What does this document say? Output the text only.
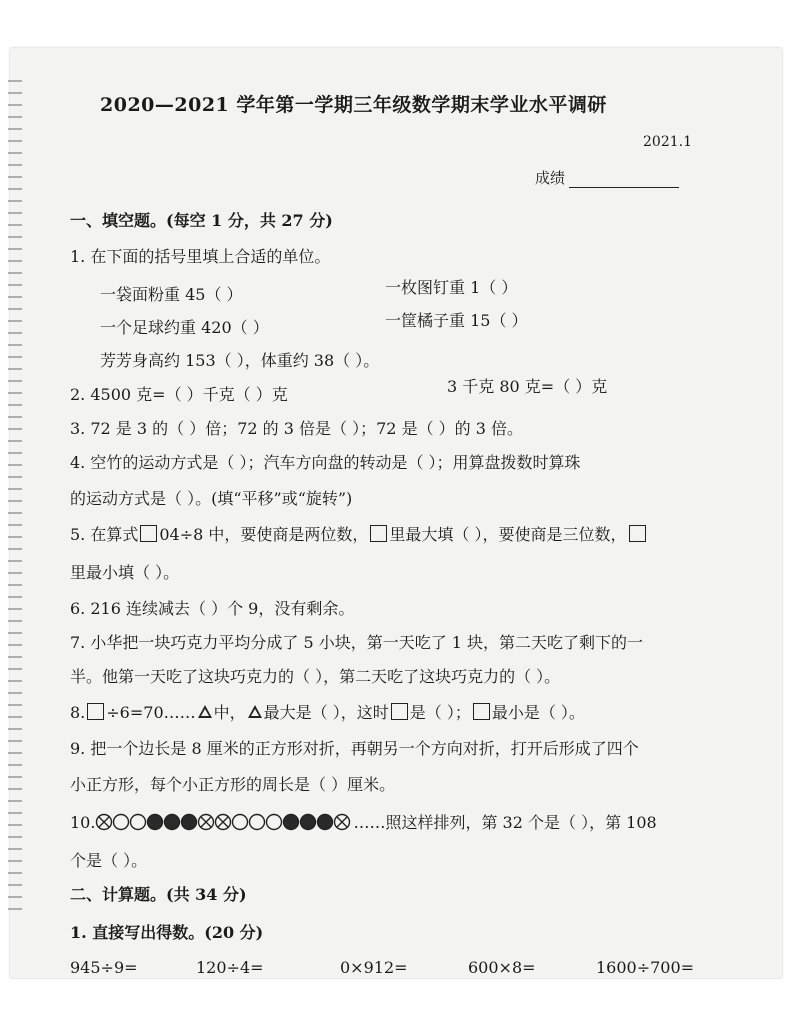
2020—2021 学年第一学期三年级数学期末学业水平调研
2021.1
成绩
一、填空题。(每空 1 分，共 27 分)
1. 在下面的括号里填上合适的单位。
一袋面粉重 45（ ）	一枚图钉重 1（ ）
一个足球约重 420（ ）	一筐橘子重 15（ ）
芳芳身高约 153（ ），体重约 38（ ）。
2. 4500 克=（ ）千克（ ）克	3 千克 80 克=（ ）克
3. 72 是 3 的（ ）倍；72 的 3 倍是（ ）；72 是（ ）的 3 倍。
4. 空竹的运动方式是（ ）；汽车方向盘的转动是（ ）；用算盘拨数时算珠
的运动方式是（ ）。(填“平移”或“旋转”)
5. 在算式 04÷8 中，要使商是两位数， 里最大填（ ），要使商是三位数，
里最小填（ ）。
6. 216 连续减去（ ）个 9，没有剩余。
7. 小华把一块巧克力平均分成了 5 小块，第一天吃了 1 块，第二天吃了剩下的一
半。他第一天吃了这块巧克力的（ ），第二天吃了这块巧克力的（ ）。
8. ÷6=70…… 中， 最大是（ ），这时 是（ ）； 最小是（ ）。
9. 把一个边长是 8 厘米的正方形对折，再朝另一个方向对折，打开后形成了四个
小正方形，每个小正方形的周长是（ ）厘米。
10.	……照这样排列，第 32 个是（ ），第 108
个是（ ）。
二、计算题。(共 34 分)
1. 直接写出得数。(20 分)
945÷9=	120÷4=	0×912=	600×8=	1600÷700=
